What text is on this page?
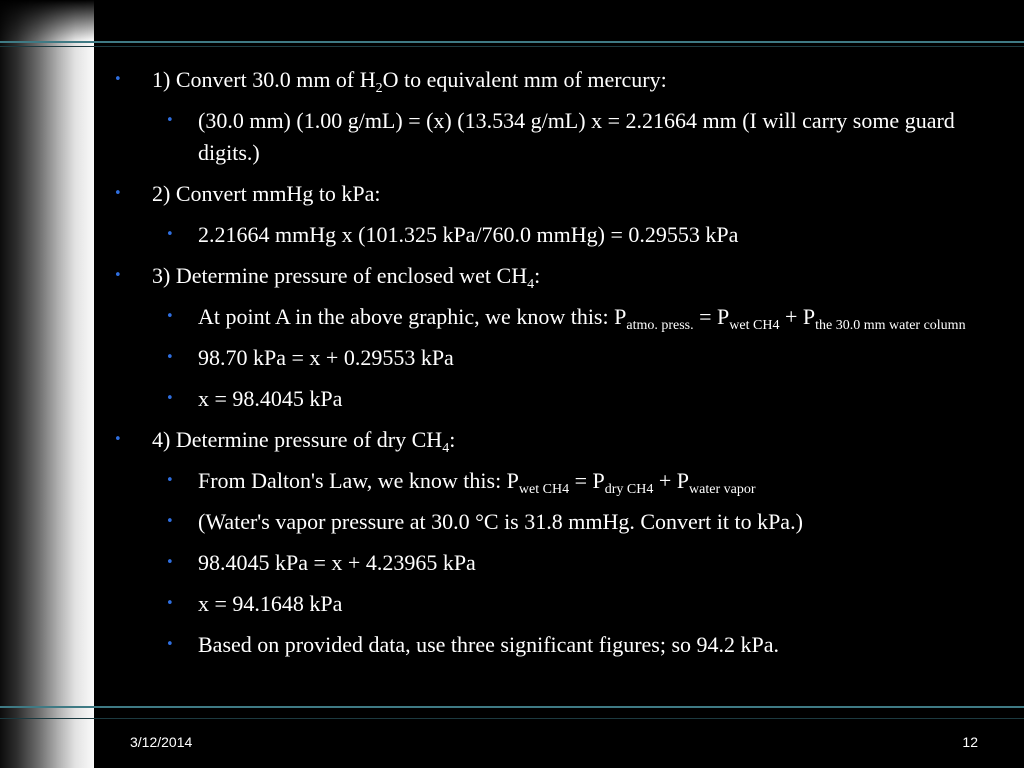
• 1) Convert 30.0 mm of $H_2O$ to equivalent mm of mercury:
• (30.0 mm) (1.00 g/mL) = (x) (13.534 g/mL) x = 2.21664 mm (I will carry some guard digits.)
• 2) Convert mmHg to kPa:
• 2.21664 mmHg x (101.325 kPa/760.0 mmHg) = 0.29553 kPa
• 3) Determine pressure of enclosed wet $CH_4$:
• At point A in the above graphic, we know this: $P_{atmo. press.} = P_{wet CH4} + P_{the 30.0 mm water column}$
• 98.70 kPa = x + 0.29553 kPa
• x = 98.4045 kPa
• 4) Determine pressure of dry $CH_4$:
• From Dalton's Law, we know this: $P_{wet CH4} = P_{dry CH4} + P_{water vapor}$
• (Water's vapor pressure at 30.0 °C is 31.8 mmHg. Convert it to kPa.)
• 98.4045 kPa = x + 4.23965 kPa
• x = 94.1648 kPa
• Based on provided data, use three significant figures; so 94.2 kPa.
3/12/2014	12
